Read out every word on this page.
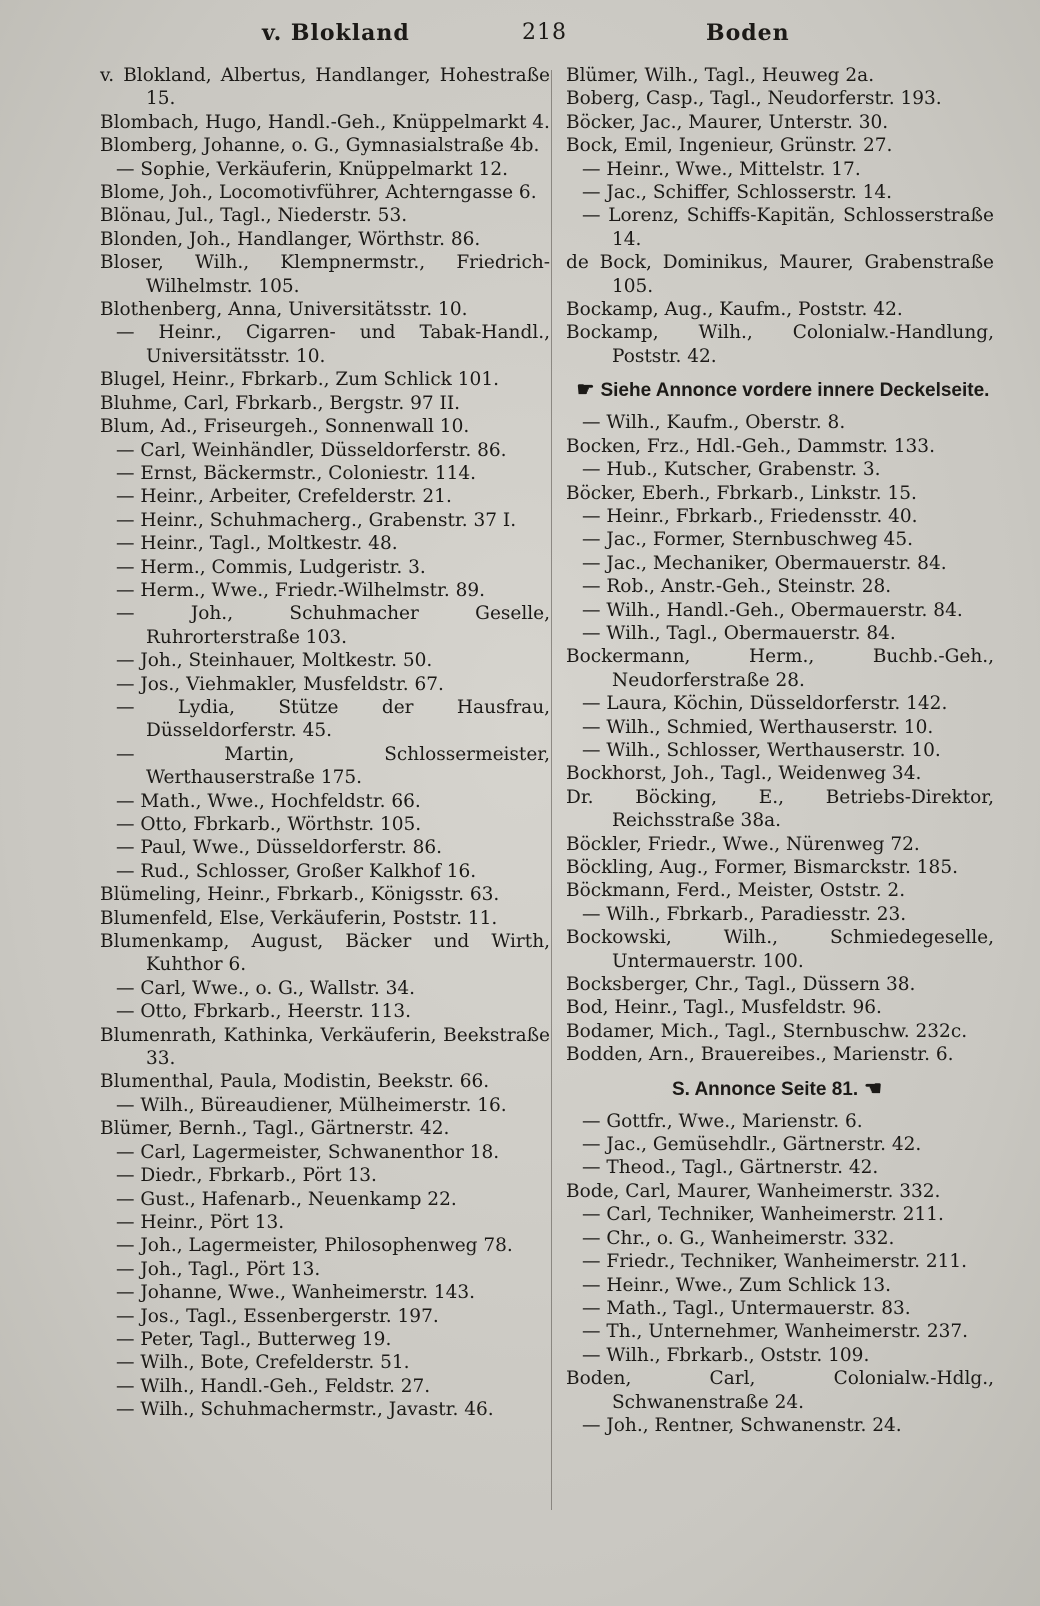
v. Blokland	218	Boden
v. Blokland, Albertus, Handlanger, Hohestraße 15.
Blombach, Hugo, Handl.-Geh., Knüppelmarkt 4.
Blomberg, Johanne, o. G., Gymnasialstraße 4b.
— Sophie, Verkäuferin, Knüppelmarkt 12.
Blome, Joh., Locomotivführer, Achterngasse 6.
Blönau, Jul., Tagl., Niederstr. 53.
Blonden, Joh., Handlanger, Wörthstr. 86.
Bloser, Wilh., Klempnermstr., Friedrich-Wilhelmstr. 105.
Blothenberg, Anna, Universitätsstr. 10.
— Heinr., Cigarren- und Tabak-Handl., Universitätsstr. 10.
Blugel, Heinr., Fbrkarb., Zum Schlick 101.
Bluhme, Carl, Fbrkarb., Bergstr. 97 II.
Blum, Ad., Friseurgeh., Sonnenwall 10.
— Carl, Weinhändler, Düsseldorferstr. 86.
— Ernst, Bäckermstr., Coloniestr. 114.
— Heinr., Arbeiter, Crefelderstr. 21.
— Heinr., Schuhmacherg., Grabenstr. 37 I.
— Heinr., Tagl., Moltkestr. 48.
— Herm., Commis, Ludgeristr. 3.
— Herm., Wwe., Friedr.-Wilhelmstr. 89.
— Joh., Schuhmacher Geselle, Ruhrorterstraße 103.
— Joh., Steinhauer, Moltkestr. 50.
— Jos., Viehmakler, Musfeldstr. 67.
— Lydia, Stütze der Hausfrau, Düsseldorferstr. 45.
— Martin, Schlossermeister, Werthauserstraße 175.
— Math., Wwe., Hochfeldstr. 66.
— Otto, Fbrkarb., Wörthstr. 105.
— Paul, Wwe., Düsseldorferstr. 86.
— Rud., Schlosser, Großer Kalkhof 16.
Blümeling, Heinr., Fbrkarb., Königsstr. 63.
Blumenfeld, Else, Verkäuferin, Poststr. 11.
Blumenkamp, August, Bäcker und Wirth, Kuhthor 6.
— Carl, Wwe., o. G., Wallstr. 34.
— Otto, Fbrkarb., Heerstr. 113.
Blumenrath, Kathinka, Verkäuferin, Beekstraße 33.
Blumenthal, Paula, Modistin, Beekstr. 66.
— Wilh., Büreaudiener, Mülheimerstr. 16.
Blümer, Bernh., Tagl., Gärtnerstr. 42.
— Carl, Lagermeister, Schwanenthor 18.
— Diedr., Fbrkarb., Pört 13.
— Gust., Hafenarb., Neuenkamp 22.
— Heinr., Pört 13.
— Joh., Lagermeister, Philosophenweg 78.
— Joh., Tagl., Pört 13.
— Johanne, Wwe., Wanheimerstr. 143.
— Jos., Tagl., Essenbergerstr. 197.
— Peter, Tagl., Butterweg 19.
— Wilh., Bote, Crefelderstr. 51.
— Wilh., Handl.-Geh., Feldstr. 27.
— Wilh., Schuhmachermstr., Javastr. 46.
Blümer, Wilh., Tagl., Heuweg 2a.
Boberg, Casp., Tagl., Neudorferstr. 193.
Böcker, Jac., Maurer, Unterstr. 30.
Bock, Emil, Ingenieur, Grünstr. 27.
— Heinr., Wwe., Mittelstr. 17.
— Jac., Schiffer, Schlosserstr. 14.
— Lorenz, Schiffs-Kapitän, Schlosserstraße 14.
de Bock, Dominikus, Maurer, Grabenstraße 105.
Bockamp, Aug., Kaufm., Poststr. 42.
Bockamp, Wilh., Colonialw.-Handlung, Poststr. 42.
☛ Siehe Annonce vordere innere Deckelseite.
— Wilh., Kaufm., Oberstr. 8.
Bocken, Frz., Hdl.-Geh., Dammstr. 133.
— Hub., Kutscher, Grabenstr. 3.
Böcker, Eberh., Fbrkarb., Linkstr. 15.
— Heinr., Fbrkarb., Friedensstr. 40.
— Jac., Former, Sternbuschweg 45.
— Jac., Mechaniker, Obermauerstr. 84.
— Rob., Anstr.-Geh., Steinstr. 28.
— Wilh., Handl.-Geh., Obermauerstr. 84.
— Wilh., Tagl., Obermauerstr. 84.
Bockermann, Herm., Buchb.-Geh., Neudorferstraße 28.
— Laura, Köchin, Düsseldorferstr. 142.
— Wilh., Schmied, Werthauserstr. 10.
— Wilh., Schlosser, Werthauserstr. 10.
Bockhorst, Joh., Tagl., Weidenweg 34.
Dr. Böcking, E., Betriebs-Direktor, Reichsstraße 38a.
Böckler, Friedr., Wwe., Nürenweg 72.
Böckling, Aug., Former, Bismarckstr. 185.
Böckmann, Ferd., Meister, Oststr. 2.
— Wilh., Fbrkarb., Paradiesstr. 23.
Bockowski, Wilh., Schmiedegeselle, Untermauerstr. 100.
Bocksberger, Chr., Tagl., Düssern 38.
Bod, Heinr., Tagl., Musfeldstr. 96.
Bodamer, Mich., Tagl., Sternbuschw. 232c.
Bodden, Arn., Brauereibes., Marienstr. 6.
S. Annonce Seite 81. ☚
— Gottfr., Wwe., Marienstr. 6.
— Jac., Gemüsehdlr., Gärtnerstr. 42.
— Theod., Tagl., Gärtnerstr. 42.
Bode, Carl, Maurer, Wanheimerstr. 332.
— Carl, Techniker, Wanheimerstr. 211.
— Chr., o. G., Wanheimerstr. 332.
— Friedr., Techniker, Wanheimerstr. 211.
— Heinr., Wwe., Zum Schlick 13.
— Math., Tagl., Untermauerstr. 83.
— Th., Unternehmer, Wanheimerstr. 237.
— Wilh., Fbrkarb., Oststr. 109.
Boden, Carl, Colonialw.-Hdlg., Schwanenstraße 24.
— Joh., Rentner, Schwanenstr. 24.
